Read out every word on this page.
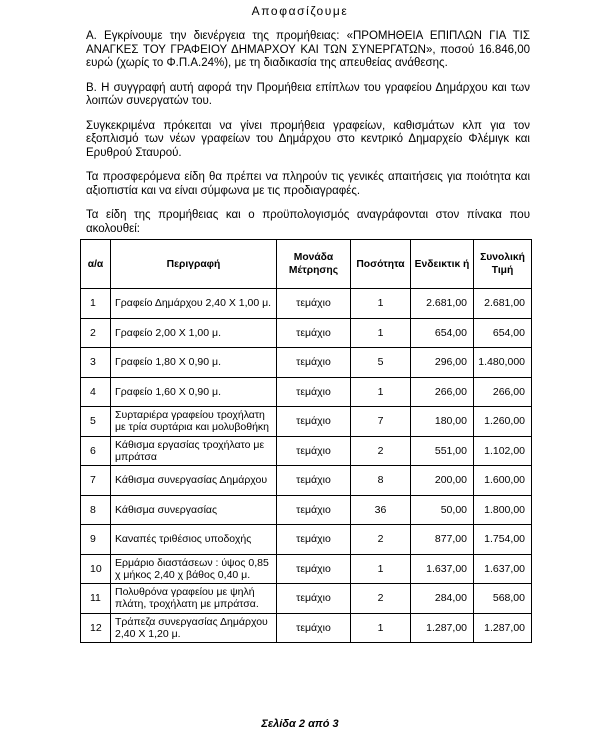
Αποφασίζουμε

Α. Εγκρίνουμε την διενέργεια της προμήθειας: «ΠΡΟΜΗΘΕΙΑ ΕΠΙΠΛΩΝ ΓΙΑ ΤΙΣ ΑΝΑΓΚΕΣ ΤΟΥ ΓΡΑΦΕΙΟΥ ΔΗΜΑΡΧΟΥ ΚΑΙ ΤΩΝ ΣΥΝΕΡΓΑΤΩΝ», ποσού 16.846,00 ευρώ (χωρίς το Φ.Π.Α.24%), με τη διαδικασία της απευθείας ανάθεσης.

Β. Η συγγραφή αυτή αφορά την Προμήθεια επίπλων του γραφείου Δημάρχου και των λοιπών συνεργατών του.

Συγκεκριμένα πρόκειται να γίνει προμήθεια γραφείων, καθισμάτων κλπ για τον εξοπλισμό των νέων γραφείων του Δημάρχου στο κεντρικό Δημαρχείο Φλέμιγκ και Ερυθρού Σταυρού.

Τα προσφερόμενα είδη θα πρέπει να πληρούν τις γενικές απαιτήσεις για ποιότητα και αξιοπιστία και να είναι σύμφωνα με τις προδιαγραφές.

Τα είδη της προμήθειας και ο προϋπολογισμός αναγράφονται στον πίνακα που ακολουθεί:

α/α	Περιγραφή	Μονάδα Μέτρησης	Ποσότητα	Ενδεικτικ ή	Συνολική Τιμή
1	Γραφείο Δημάρχου 2,40 Χ 1,00 μ.	τεμάχιο	1	2.681,00	2.681,00
2	Γραφείο 2,00 Χ 1,00 μ.	τεμάχιο	1	654,00	654,00
3	Γραφείο 1,80 Χ 0,90 μ.	τεμάχιο	5	296,00	1.480,000
4	Γραφείο 1,60 Χ 0,90 μ.	τεμάχιο	1	266,00	266,00
5	Συρταριέρα γραφείου τροχήλατη με τρία συρτάρια και μολυβοθήκη	τεμάχιο	7	180,00	1.260,00
6	Κάθισμα εργασίας τροχήλατο με μπράτσα	τεμάχιο	2	551,00	1.102,00
7	Κάθισμα συνεργασίας Δημάρχου	τεμάχιο	8	200,00	1.600,00
8	Κάθισμα συνεργασίας	τεμάχιο	36	50,00	1.800,00
9	Καναπές τριθέσιος υποδοχής	τεμάχιο	2	877,00	1.754,00
10	Ερμάριο διαστάσεων : ύψος 0,85 χ μήκος 2,40 χ βάθος 0,40 μ.	τεμάχιο	1	1.637,00	1.637,00
11	Πολυθρόνα γραφείου με ψηλή πλάτη, τροχήλατη με μπράτσα.	τεμάχιο	2	284,00	568,00
12	Τράπεζα συνεργασίας Δημάρχου 2,40 Χ 1,20 μ.	τεμάχιο	1	1.287,00	1.287,00
Σελίδα 2 από 3
